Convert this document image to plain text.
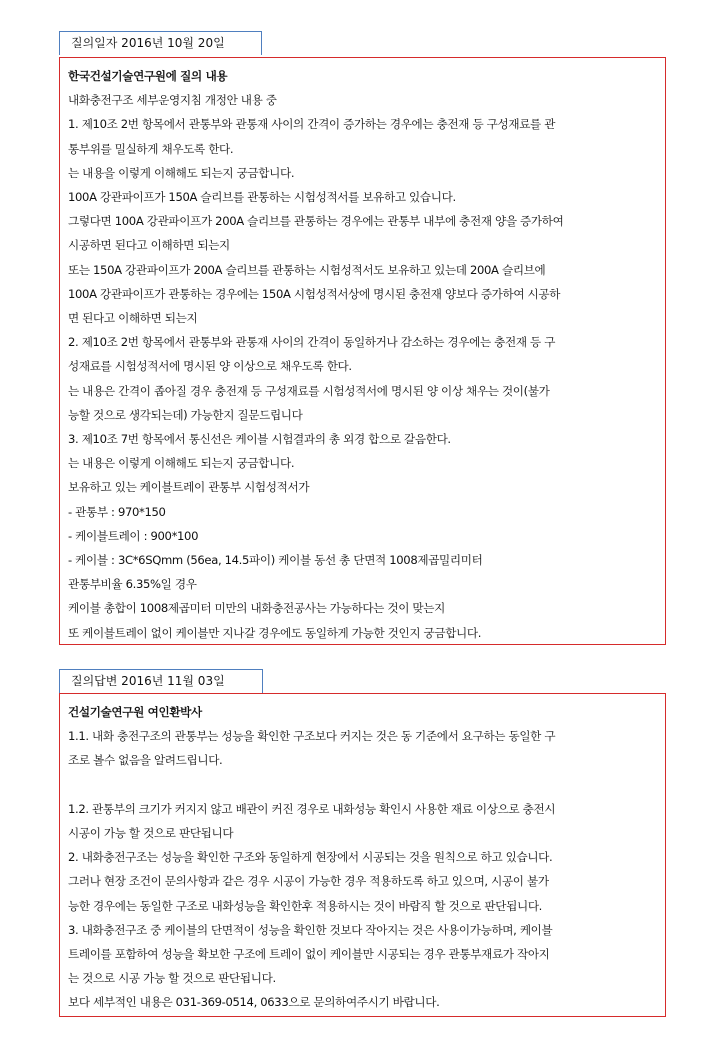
질의일자 2016년 10월 20일
한국건설기술연구원에 질의 내용
내화충전구조 세부운영지침 개정안 내용 중
1. 제10조 2번 항목에서 관통부와 관통재 사이의 간격이 증가하는 경우에는 충전재 등 구성재료를 관
통부위를 밀실하게 채우도록 한다.
는 내용을 이렇게 이해해도 되는지 궁금합니다.
100A 강관파이프가 150A 슬리브를 관통하는 시험성적서를 보유하고 있습니다.
그렇다면 100A 강관파이프가 200A 슬리브를 관통하는 경우에는 관통부 내부에 충전재 양을 증가하여
시공하면 된다고 이해하면 되는지
또는 150A 강관파이프가 200A 슬리브를 관통하는 시험성적서도 보유하고 있는데 200A 슬리브에
100A 강관파이프가 관통하는 경우에는 150A 시험성적서상에 명시된 충전재 양보다 증가하여 시공하
면 된다고 이해하면 되는지
2. 제10조 2번 항목에서 관통부와 관통재 사이의 간격이 동일하거나 감소하는 경우에는 충전재 등 구
성재료를 시험성적서에 명시된 양 이상으로 채우도록 한다.
는 내용은 간격이 좁아질 경우 충전재 등 구성재료를 시험성적서에 명시된 양 이상 채우는 것이(불가
능할 것으로 생각되는데) 가능한지 질문드립니다
3. 제10조 7번 항목에서 통신선은 케이블 시험결과의 총 외경 합으로 갈음한다.
는 내용은 이렇게 이해해도 되는지 궁금합니다.
보유하고 있는 케이블트레이 관통부 시험성적서가
- 관통부 : 970*150
- 케이블트레이 : 900*100
- 케이블 : 3C*6SQmm (56ea, 14.5파이) 케이블 동선 총 단면적 1008제곱밀리미터
관통부비율 6.35%일 경우
케이블 총합이 1008제곱미터 미만의 내화충전공사는 가능하다는 것이 맞는지
또 케이블트레이 없이 케이블만 지나갈 경우에도 동일하게 가능한 것인지 궁금합니다.
질의답변 2016년 11월 03일
건설기술연구원 여인환박사
1.1. 내화 충전구조의 관통부는 성능을 확인한 구조보다 커지는 것은 동 기준에서 요구하는 동일한 구
조로 볼수 없음을 알려드립니다.
1.2. 관통부의 크기가 커지지 않고 배관이 커진 경우로 내화성능 확인시 사용한 재료 이상으로 충전시
시공이 가능 할 것으로 판단됩니다
2. 내화충전구조는 성능을 확인한 구조와 동일하게 현장에서 시공되는 것을 원칙으로 하고 있습니다.
그러나 현장 조건이 문의사항과 같은 경우 시공이 가능한 경우 적용하도록 하고 있으며, 시공이 불가
능한 경우에는 동일한 구조로 내화성능을 확인한후 적용하시는 것이 바람직 할 것으로 판단됩니다.
3. 내화충전구조 중 케이블의 단면적이 성능을 확인한 것보다 작아지는 것은 사용이가능하며, 케이블
트레이를 포함하여 성능을 확보한 구조에 트레이 없이 케이블만 시공되는 경우 관통부재료가 작아지
는 것으로 시공 가능 할 것으로 판단됩니다.
보다 세부적인 내용은 031-369-0514, 0633으로 문의하여주시기 바랍니다.
